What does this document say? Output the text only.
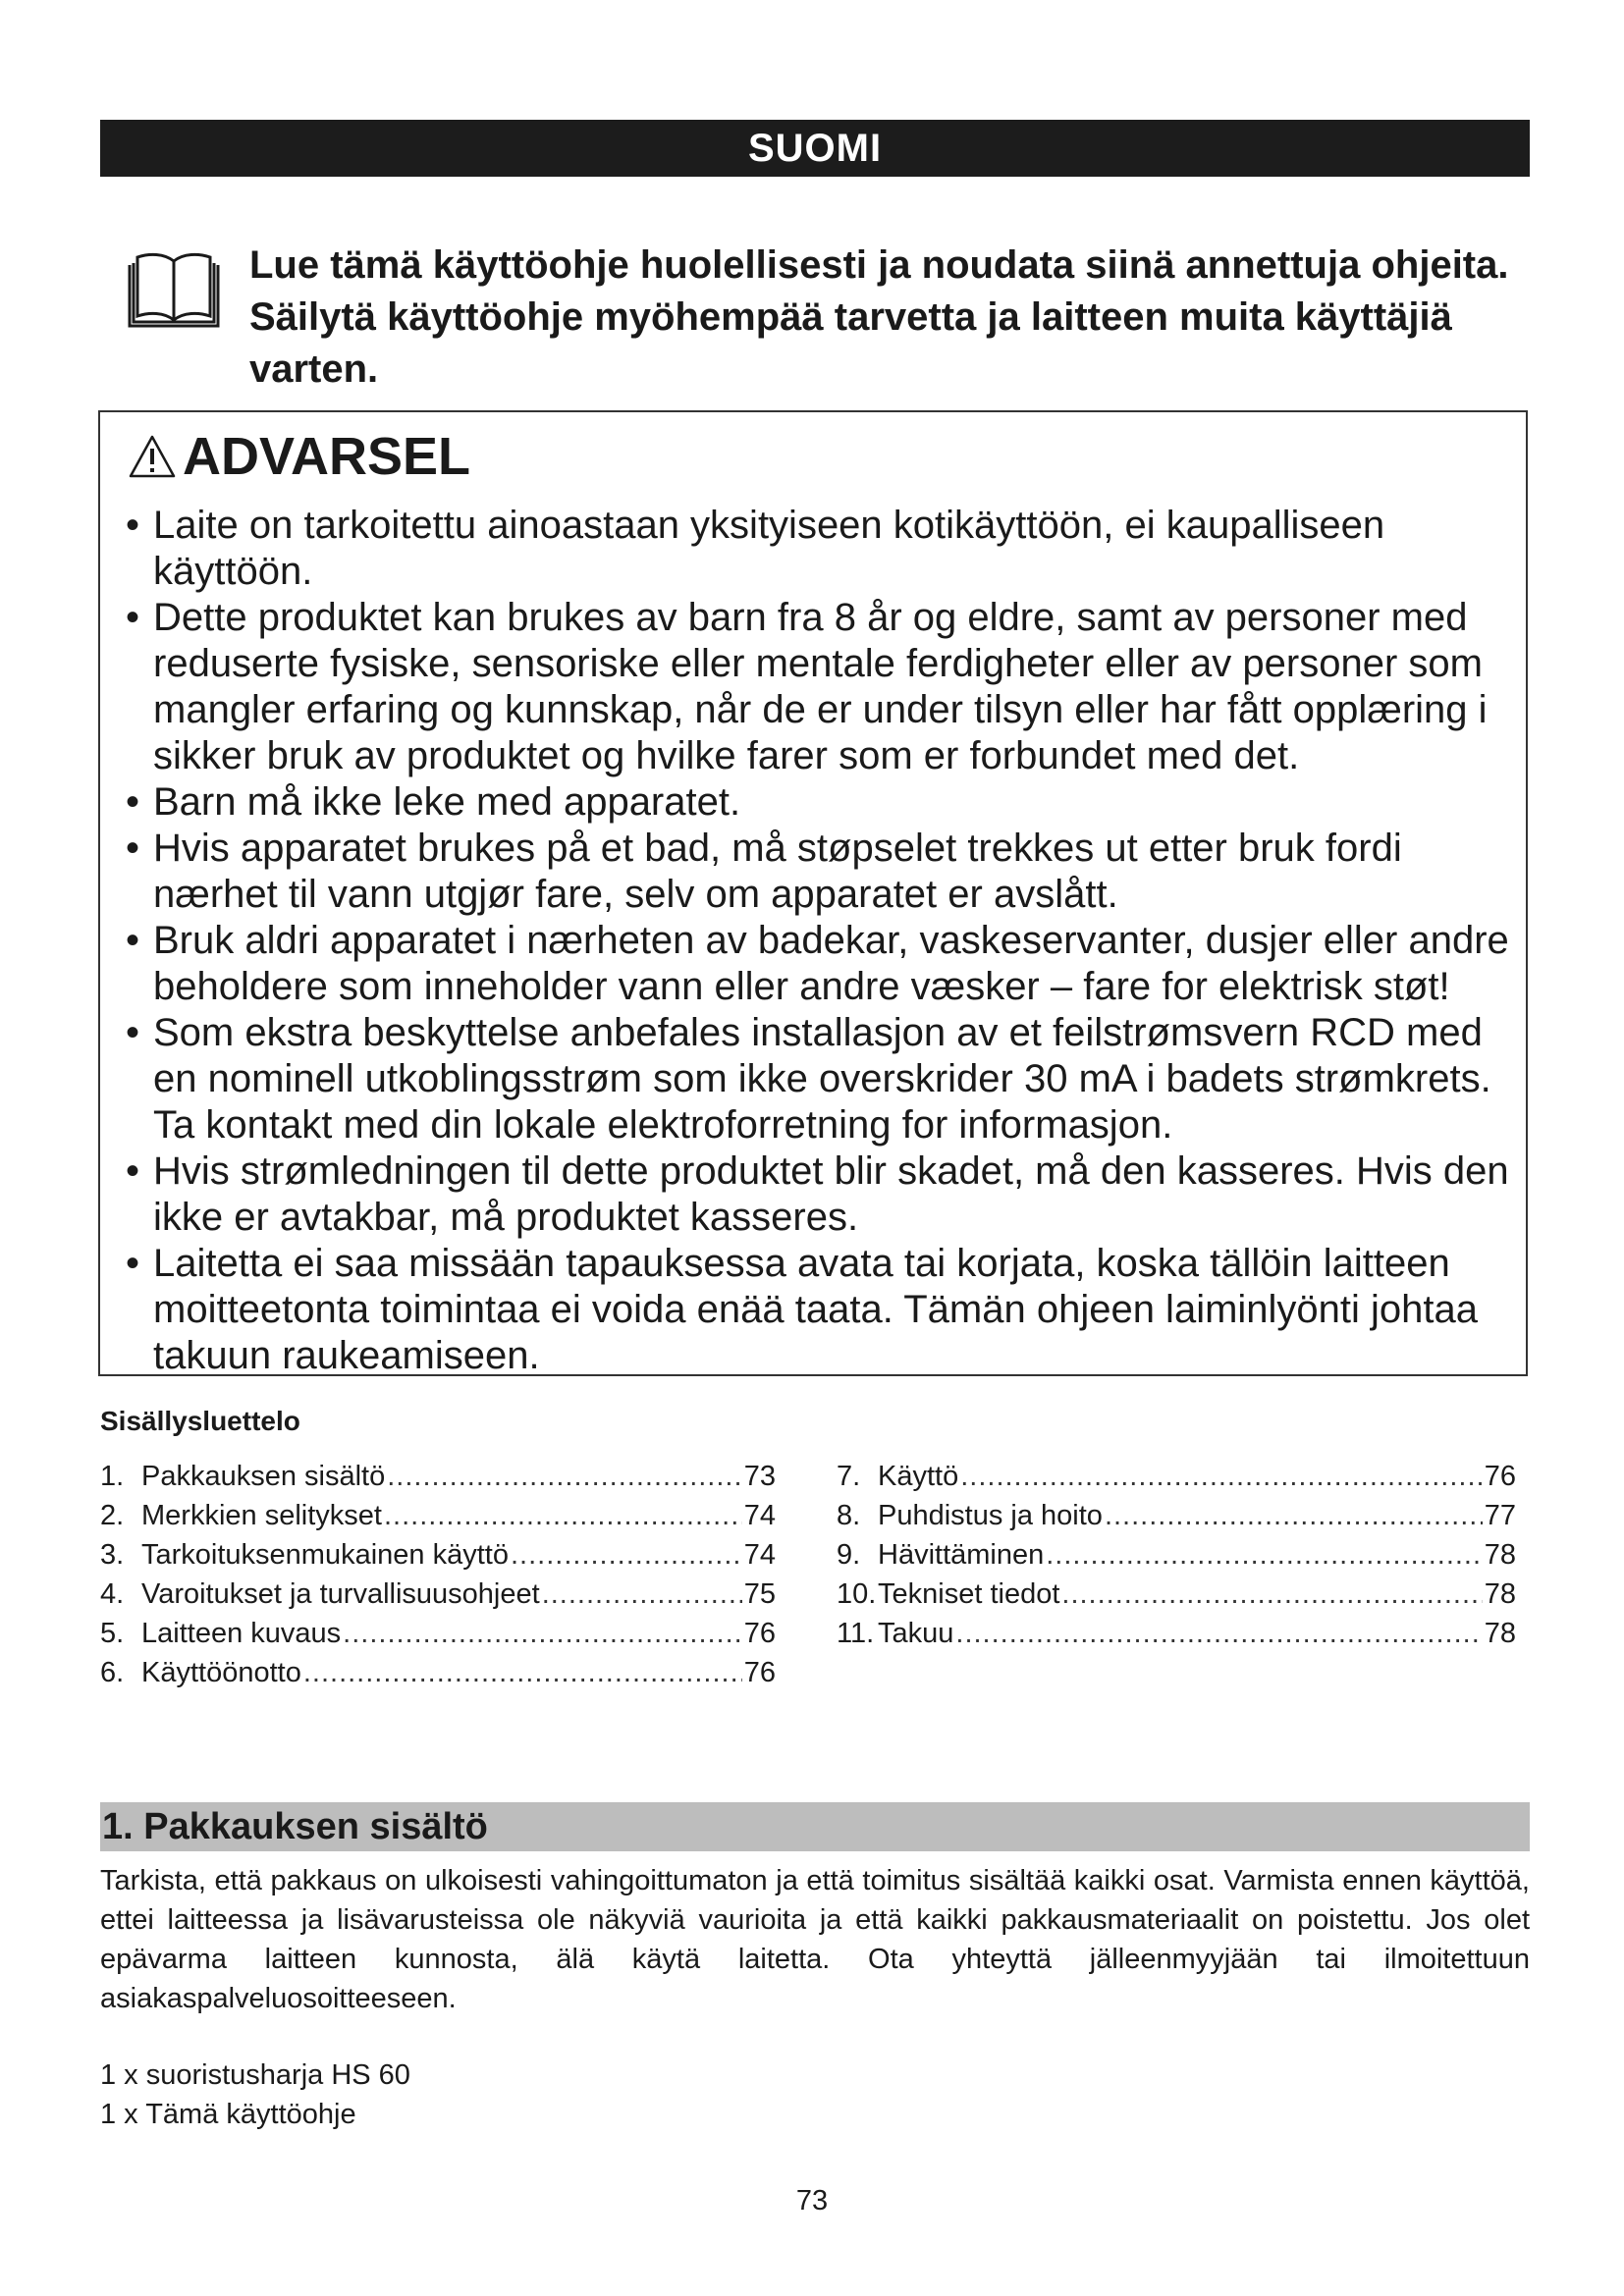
SUOMI
Lue tämä käyttöohje huolellisesti ja noudata siinä annettuja ohjeita. Säilytä käyttöohje myöhempää tarvetta ja laitteen muita käyttäjiä varten.
ADVARSEL
• Laite on tarkoitettu ainoastaan yksityiseen kotikäyttöön, ei kaupalliseen käyttöön.
• Dette produktet kan brukes av barn fra 8 år og eldre, samt av personer med reduserte fysiske, sensoriske eller mentale ferdigheter eller av personer som mangler erfaring og kunnskap, når de er under tilsyn eller har fått opplæring i sikker bruk av produktet og hvilke farer som er forbundet med det.
• Barn må ikke leke med apparatet.
• Hvis apparatet brukes på et bad, må støpselet trekkes ut etter bruk fordi nærhet til vann utgjør fare, selv om apparatet er avslått.
• Bruk aldri apparatet i nærheten av badekar, vaskeservanter, dusjer eller andre beholdere som inneholder vann eller andre væsker – fare for elektrisk støt!
• Som ekstra beskyttelse anbefales installasjon av et feilstrømsvern RCD med en nominell utkoblingsstrøm som ikke overskrider 30 mA i badets strømkrets. Ta kontakt med din lokale elektroforretning for informasjon.
• Hvis strømledningen til dette produktet blir skadet, må den kasseres. Hvis den ikke er avtakbar, må produktet kasseres.
• Laitetta ei saa missään tapauksessa avata tai korjata, koska tällöin laitteen moitteetonta toimintaa ei voida enää taata. Tämän ohjeen laiminlyönti johtaa takuun raukeamiseen.
Sisällysluettelo
1. Pakkauksen sisältö .....	73
2. Merkkien selitykset .....	74
3. Tarkoituksenmukainen käyttö .....	74
4. Varoitukset ja turvallisuusohjeet .....	75
5. Laitteen kuvaus .....	76
6. Käyttöönotto .....	76
7. Käyttö .....	76
8. Puhdistus ja hoito .....	77
9. Hävittäminen .....	78
10. Tekniset tiedot .....	78
11. Takuu .....	78
1. Pakkauksen sisältö

Tarkista, että pakkaus on ulkoisesti vahingoittumaton ja että toimitus sisältää kaikki osat. Varmista ennen käyttöä, ettei laitteessa ja lisävarusteissa ole näkyviä vaurioita ja että kaikki pakkausmateriaalit on poistettu. Jos olet epävarma laitteen kunnosta, älä käytä laitetta. Ota yhteyttä jälleenmyyjään tai ilmoitettuun asiakaspalveluosoitteeseen.

1 x suoristusharja HS 60
1 x Tämä käyttöohje
73
